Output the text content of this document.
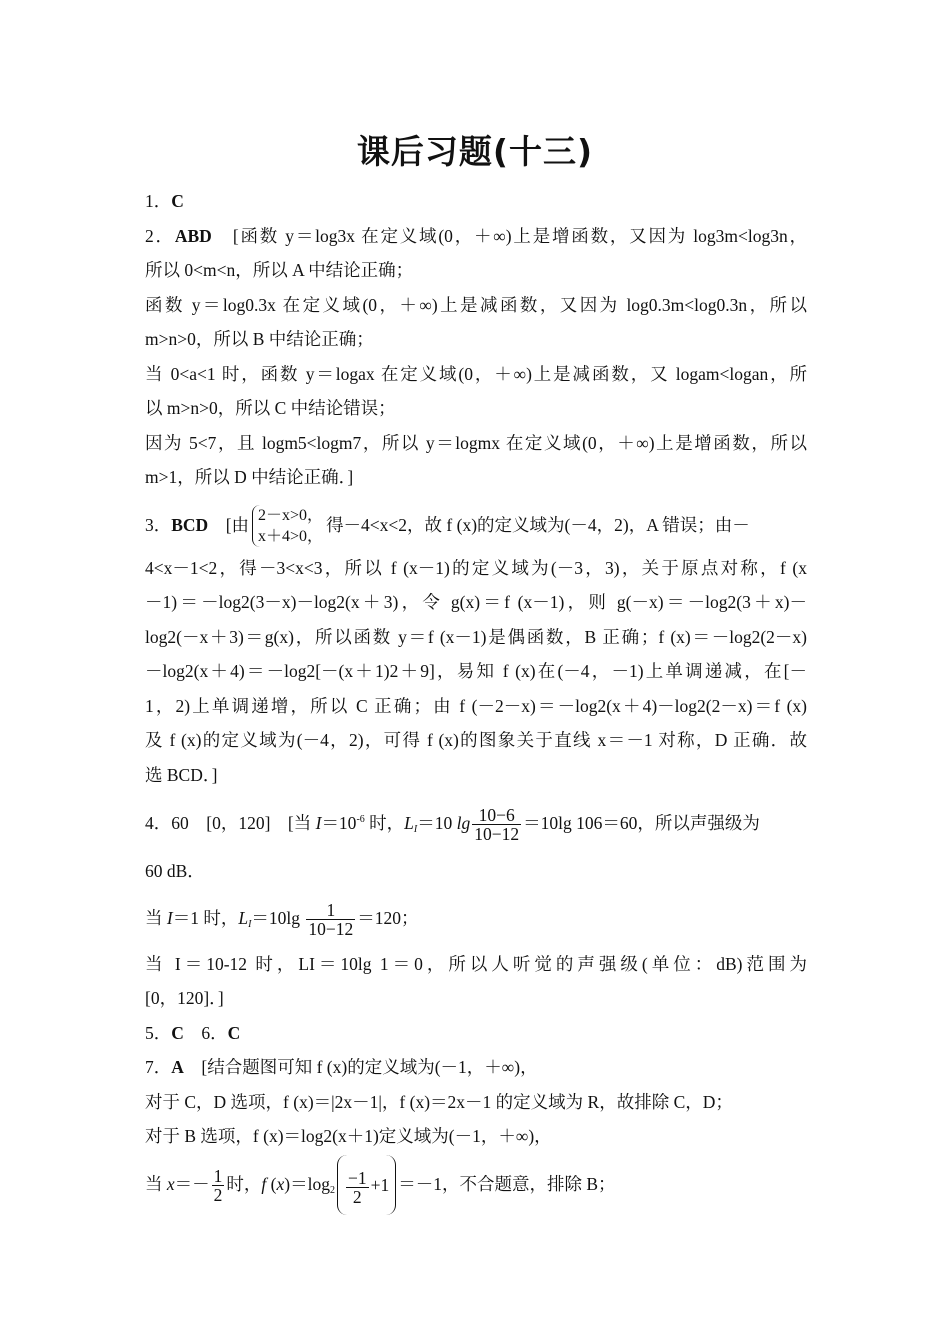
课后习题(十三)
1．C
2．ABD　 [函数 y＝log3x 在定义域(0，＋∞)上是增函数，又因为 log3m<log3n，
所以 0<m<n，所以 A 中结论正确；
函数 y＝log0.3x 在定义域(0，＋∞)上是减函数，又因为 log0.3m<log0.3n，所以
m>n>0，所以 B 中结论正确；
当 0<a<1 时，函数 y＝logax 在定义域(0，＋∞)上是减函数，又 logam<logan，所
以 m>n>0，所以 C 中结论错误；
因为 5<7，且 logm5<logm7，所以 y＝logmx 在定义域(0，＋∞)上是增函数，所以
m>1，所以 D 中结论正确．]
3．BCD　[由 2－x>0，
x＋4>0，
得－4<x<2，故 f (x)的定义域为(－4，2)，A 错误；由－
4<x－1<2，得－3<x<3，所以 f (x－1)的定义域为(－3，3)，关于原点对称，f (x
－1)＝－log2(3－x)－log2(x＋3)，令 g(x)＝f (x－1)，则 g(－x)＝－log2(3＋x)－
log2(－x＋3)＝g(x)，所以函数 y＝f (x－1)是偶函数，B 正确；f (x)＝－log2(2－x)
－log2(x＋4)＝－log2[－(x＋1)2＋9]，易知 f (x)在(－4，－1)上单调递减，在[－
1，2)上单调递增，所以 C 正确；由 f (－2－x)＝－log2(x＋4)－log2(2－x)＝f (x)
及 f (x)的定义域为(－4，2)，可得 f (x)的图象关于直线 x＝－1 对称，D 正确．故
选 BCD．]
4．60　[0，120]　[当 $I=10^{-6}$ 时，$L_I=10$ $\lg \frac{10-6}{10-12} =10\lg$ 106＝60，所以声强级为
60 dB．
当 I＝1 时，$L_I=10\lg \frac{1}{10-12} =120$；
当 I＝10-12 时，LI＝10lg 1＝0，所以人听觉的声强级(单位：dB)范围为
[0，120]．]
5．C　 6．C
7．A　 [结合题图可知 f (x)的定义域为(－1，＋∞)，
对于 C，D 选项，f (x)＝|2x－1|，f (x)＝2x－1 的定义域为 R，故排除 C，D；
对于 B 选项，f (x)＝log2(x＋1)定义域为(－1，＋∞)，
当 $x=- \frac{1}{2}$ 时，f $(x)=\log_2 \frac{-1}{2} +1 =-1$，不合题意，排除 B；
